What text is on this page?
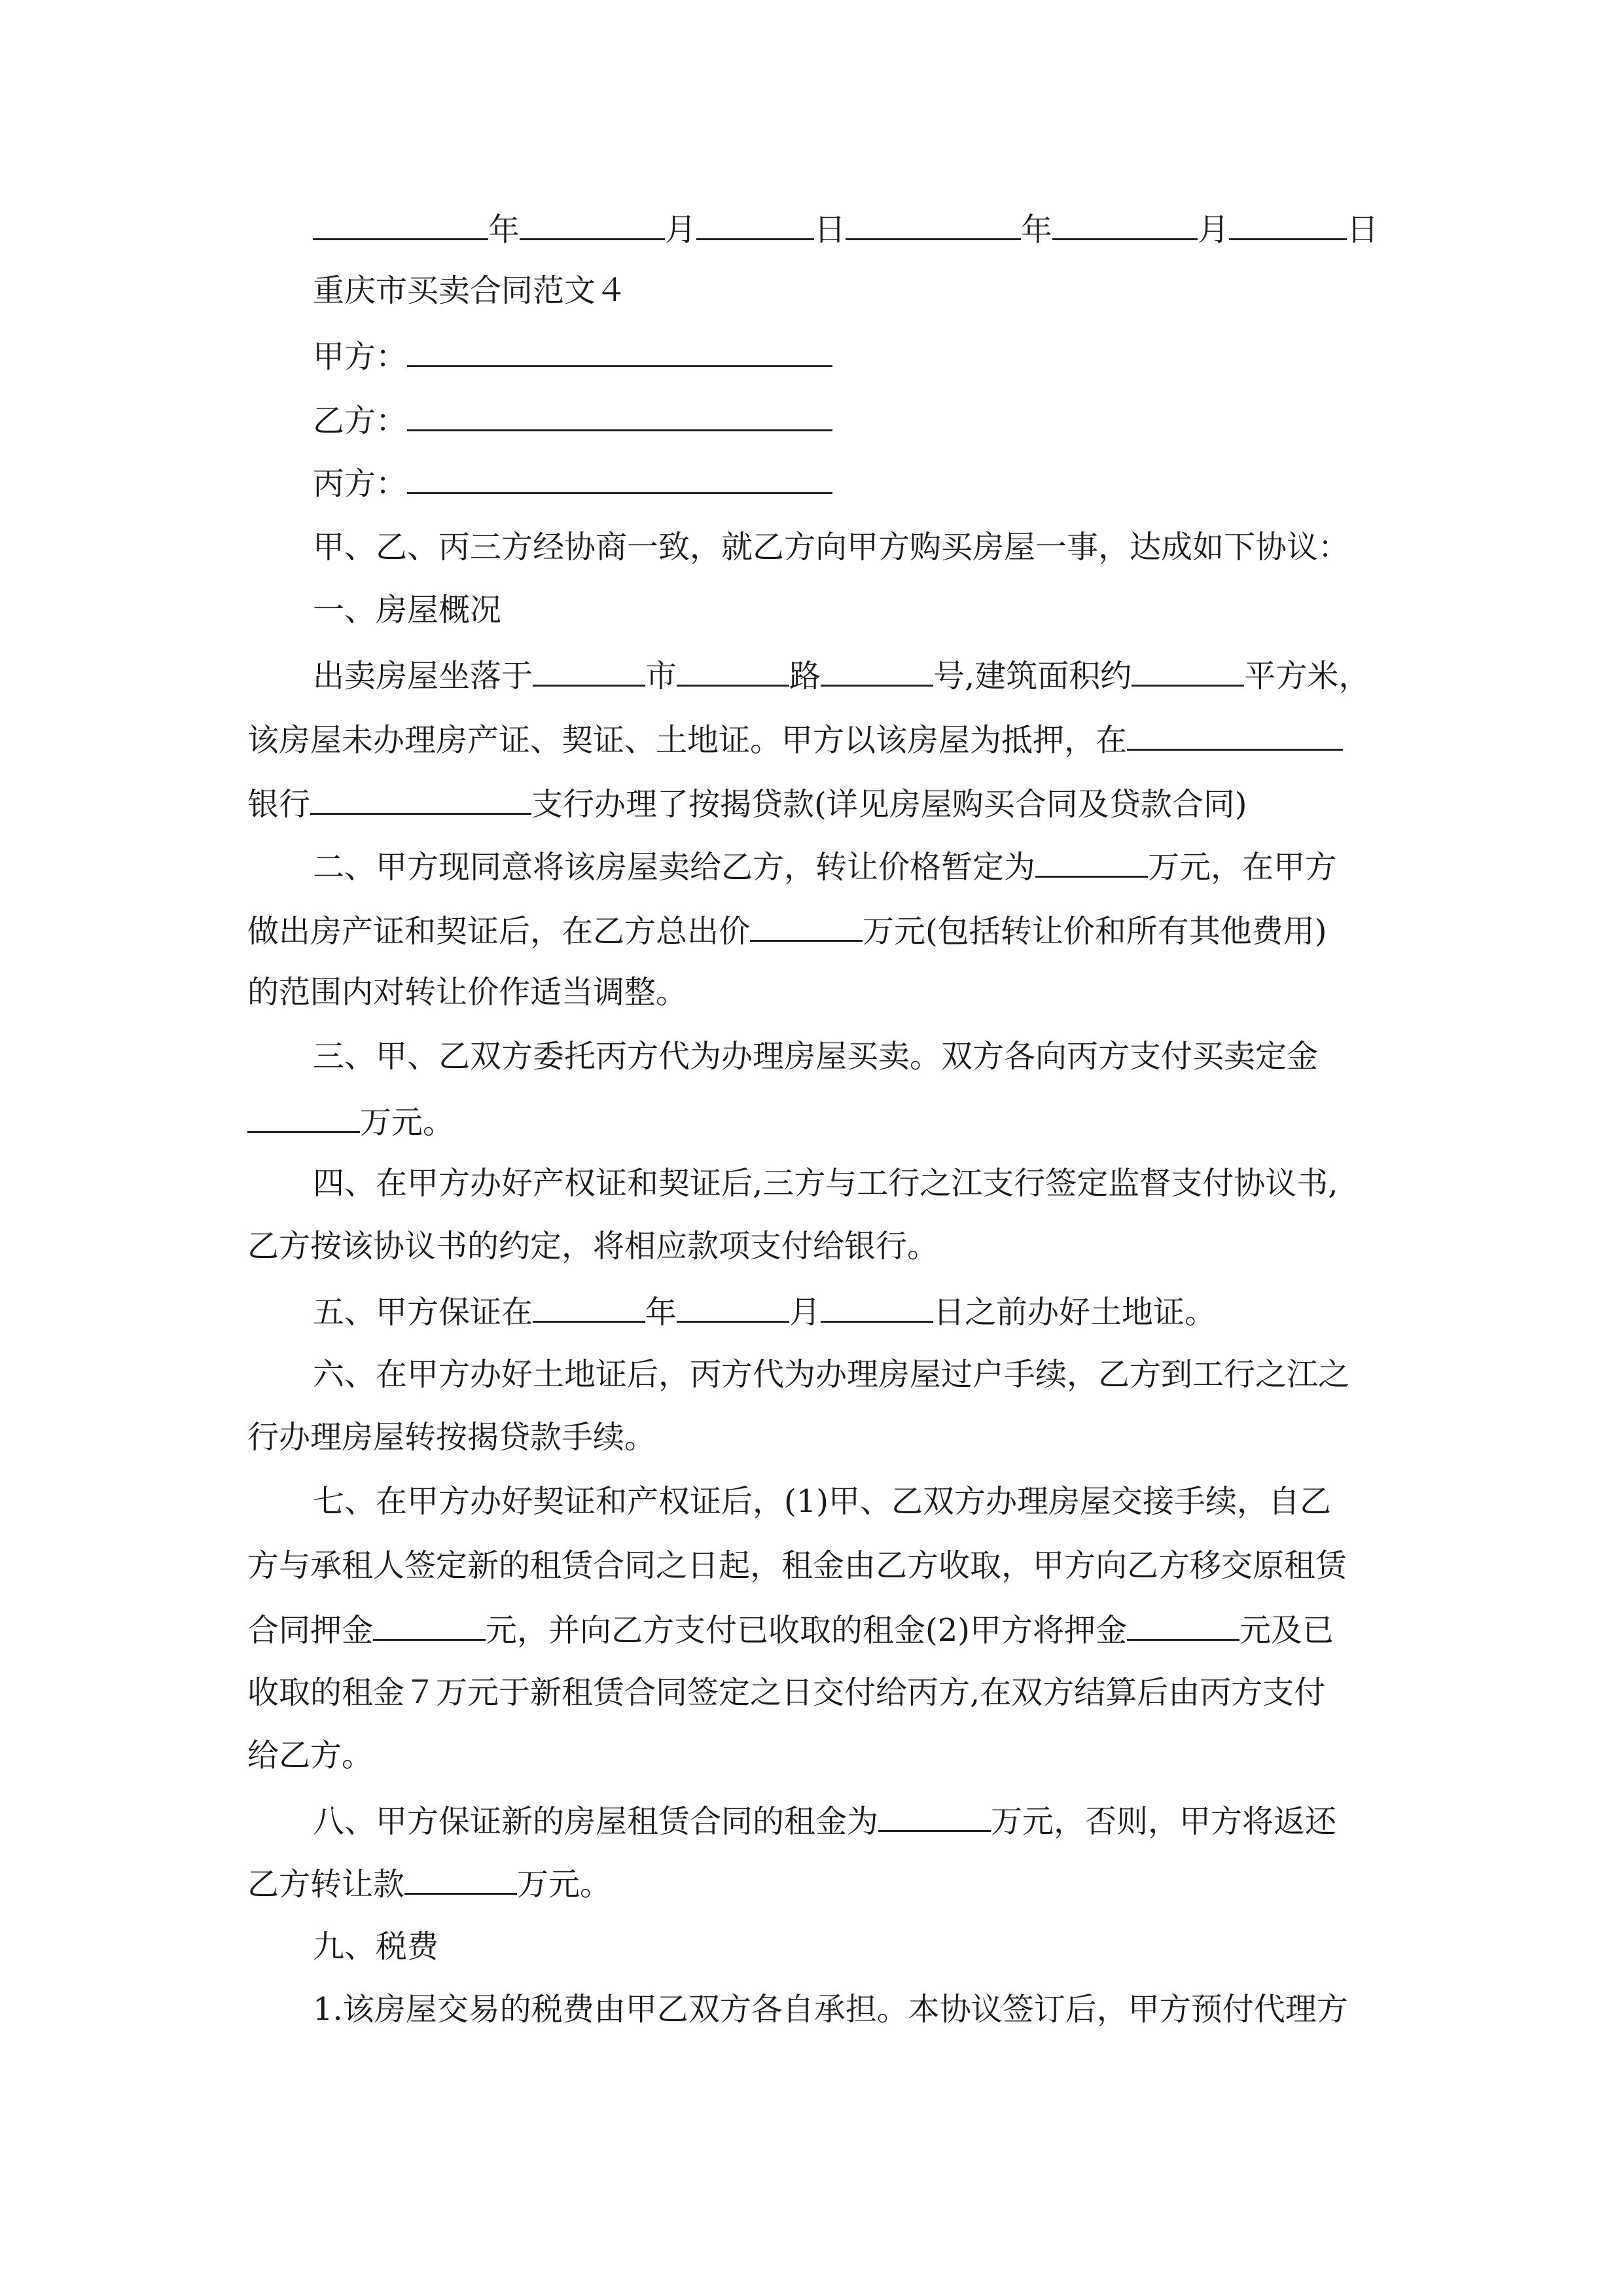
年	月	日	年	月	日
重庆市买卖合同范文４
甲方：
乙方：
丙方：
甲、乙、丙三方经协商一致，就乙方向甲方购买房屋一事，达成如下协议：
一、房屋概况
出卖房屋坐落于	市	路	号,建筑面积约	平方米，
该房屋未办理房产证、契证、土地证。甲方以该房屋为抵押，在
银行	支行办理了按揭贷款(详见房屋购买合同及贷款合同)
二、甲方现同意将该房屋卖给乙方，转让价格暂定为	万元，在甲方
做出房产证和契证后，在乙方总出价	万元(包括转让价和所有其他费用)
的范围内对转让价作适当调整。
三、甲、乙双方委托丙方代为办理房屋买卖。双方各向丙方支付买卖定金
万元。
四、在甲方办好产权证和契证后,三方与工行之江支行签定监督支付协议书,
乙方按该协议书的约定，将相应款项支付给银行。
五、甲方保证在	年	月	日之前办好土地证。
六、在甲方办好土地证后，丙方代为办理房屋过户手续，乙方到工行之江之
行办理房屋转按揭贷款手续。
七、在甲方办好契证和产权证后，(1)甲、乙双方办理房屋交接手续，自乙
方与承租人签定新的租赁合同之日起，租金由乙方收取，甲方向乙方移交原租赁
合同押金	元，并向乙方支付已收取的租金(2)甲方将押金	元及已
收取的租金７万元于新租赁合同签定之日交付给丙方,在双方结算后由丙方支付
给乙方。
八、甲方保证新的房屋租赁合同的租金为	万元，否则，甲方将返还
乙方转让款	万元。
九、税费
1.该房屋交易的税费由甲乙双方各自承担。本协议签订后，甲方预付代理方
